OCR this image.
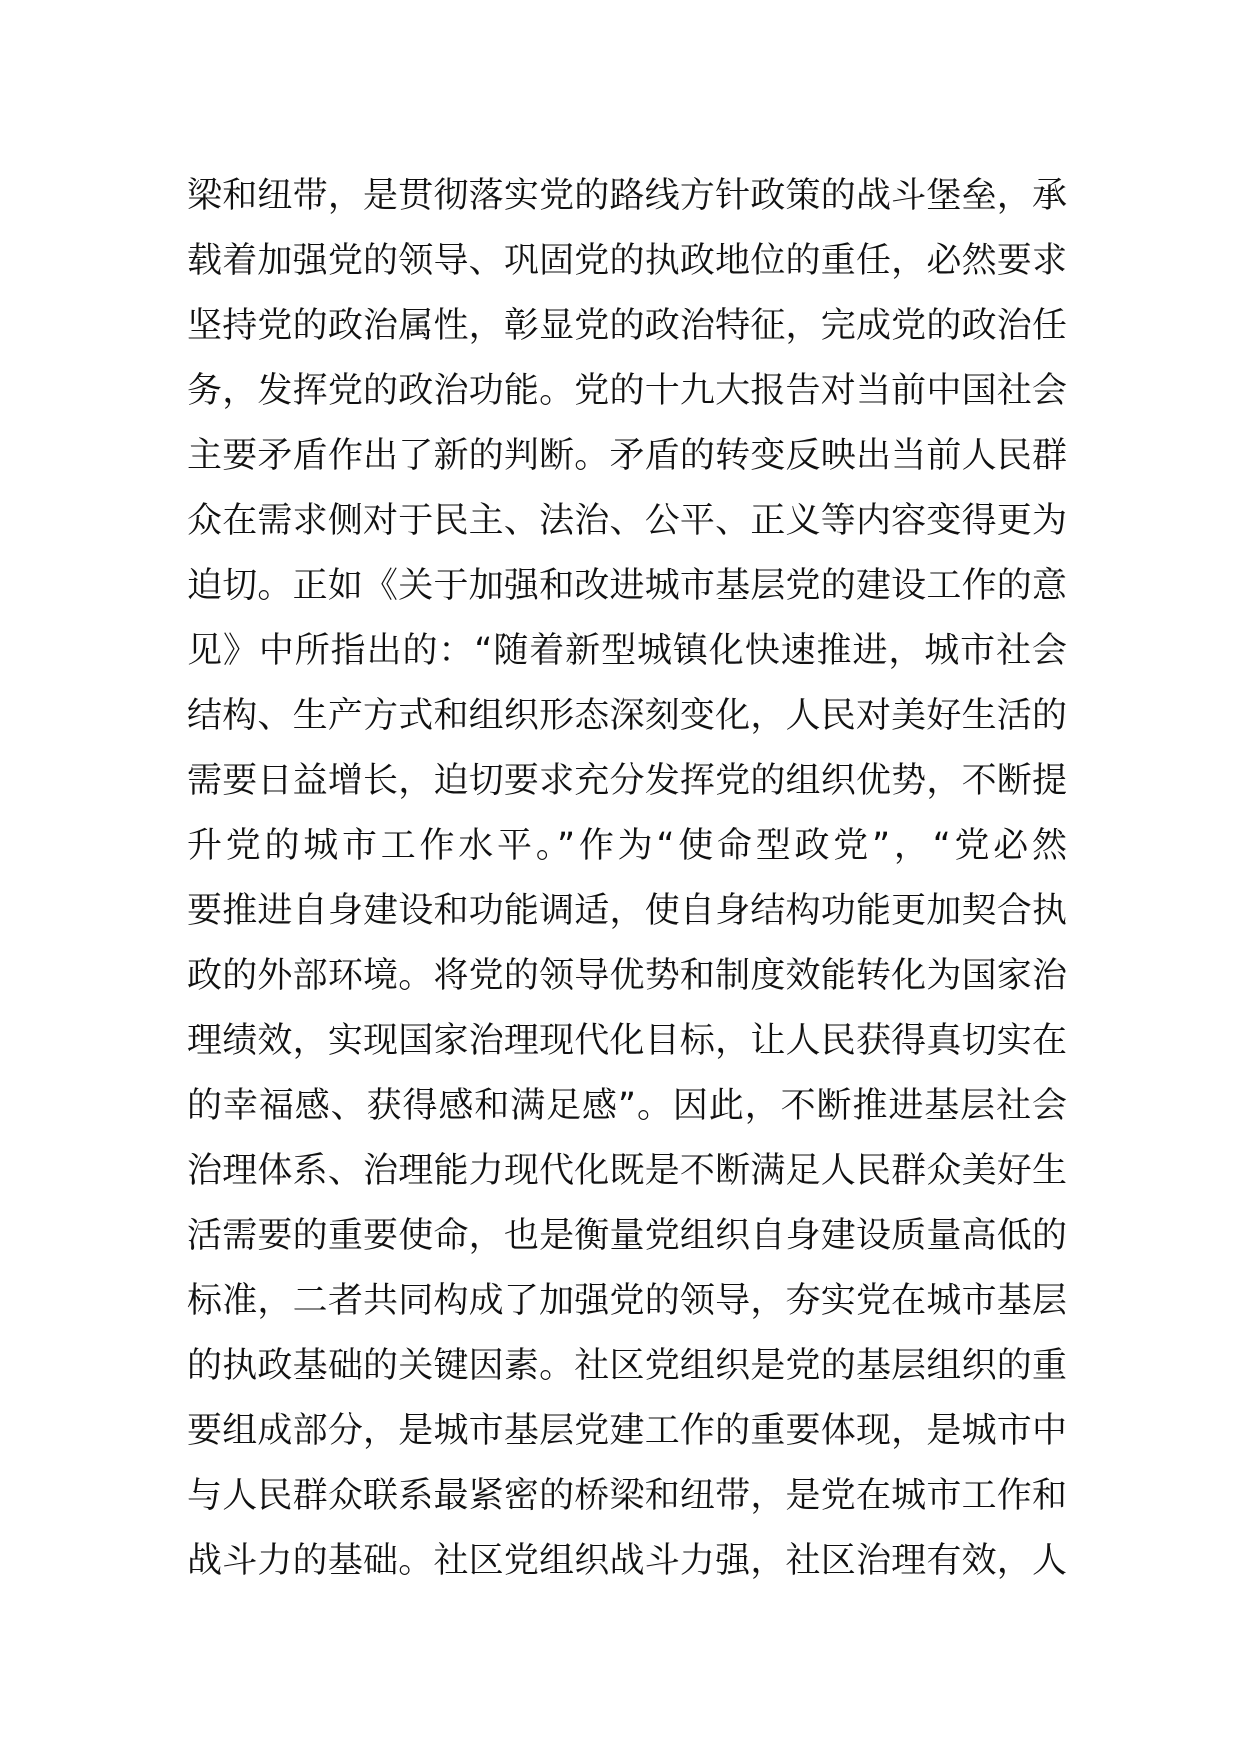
梁和纽带，是贯彻落实党的路线方针政策的战斗堡垒，承
载着加强党的领导、巩固党的执政地位的重任，必然要求
坚持党的政治属性，彰显党的政治特征，完成党的政治任
务，发挥党的政治功能。党的十九大报告对当前中国社会
主要矛盾作出了新的判断。矛盾的转变反映出当前人民群
众在需求侧对于民主、法治、公平、正义等内容变得更为
迫切。正如《关于加强和改进城市基层党的建设工作的意
见》中所指出的：“随着新型城镇化快速推进，城市社会
结构、生产方式和组织形态深刻变化，人民对美好生活的
需要日益增长，迫切要求充分发挥党的组织优势，不断提
升党的城市工作水平。”作为“使命型政党”，“党必然
要推进自身建设和功能调适，使自身结构功能更加契合执
政的外部环境。将党的领导优势和制度效能转化为国家治
理绩效，实现国家治理现代化目标，让人民获得真切实在
的幸福感、获得感和满足感”。因此，不断推进基层社会
治理体系、治理能力现代化既是不断满足人民群众美好生
活需要的重要使命，也是衡量党组织自身建设质量高低的
标准，二者共同构成了加强党的领导，夯实党在城市基层
的执政基础的关键因素。社区党组织是党的基层组织的重
要组成部分，是城市基层党建工作的重要体现，是城市中
与人民群众联系最紧密的桥梁和纽带，是党在城市工作和
战斗力的基础。社区党组织战斗力强，社区治理有效，人
